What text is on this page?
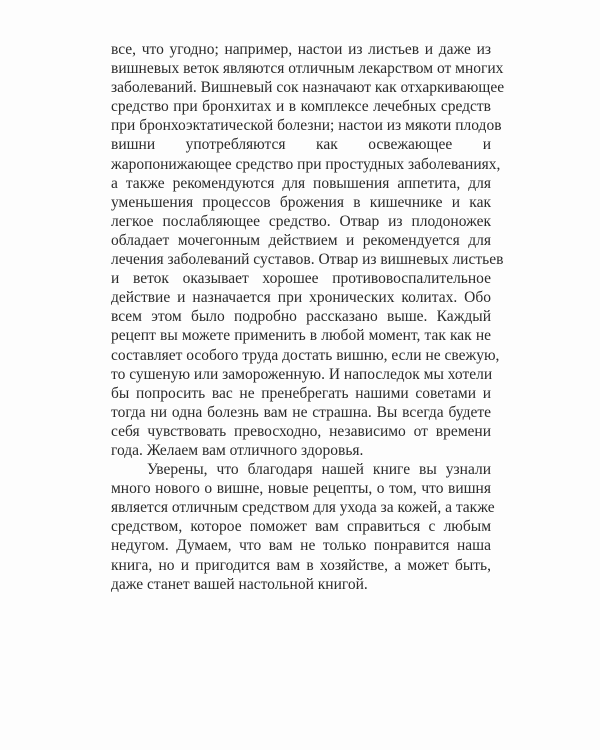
все, что угодно; например, настои из листьев и даже из
вишневых веток являются отличным лекарством от многих
заболеваний. Вишневый сок назначают как отхаркивающее
средство при бронхитах и в комплексе лечебных средств
при бронхоэктатической болезни; настои из мякоти плодов
вишни употребляются как освежающее и
жаропонижающее средство при простудных заболеваниях,
а также рекомендуются для повышения аппетита, для
уменьшения процессов брожения в кишечнике и как
легкое послабляющее средство. Отвар из плодоножек
обладает мочегонным действием и рекомендуется для
лечения заболеваний суставов. Отвар из вишневых листьев
и веток оказывает хорошее противовоспалительное
действие и назначается при хронических колитах. Обо
всем этом было подробно рассказано выше. Каждый
рецепт вы можете применить в любой момент, так как не
составляет особого труда достать вишню, если не свежую,
то сушеную или замороженную. И напоследок мы хотели
бы попросить вас не пренебрегать нашими советами и
тогда ни одна болезнь вам не страшна. Вы всегда будете
себя чувствовать превосходно, независимо от времени
года. Желаем вам отличного здоровья.

Уверены, что благодаря нашей книге вы узнали
много нового о вишне, новые рецепты, о том, что вишня
является отличным средством для ухода за кожей, а также
средством, которое поможет вам справиться с любым
недугом. Думаем, что вам не только понравится наша
книга, но и пригодится вам в хозяйстве, а может быть,
даже станет вашей настольной книгой.
